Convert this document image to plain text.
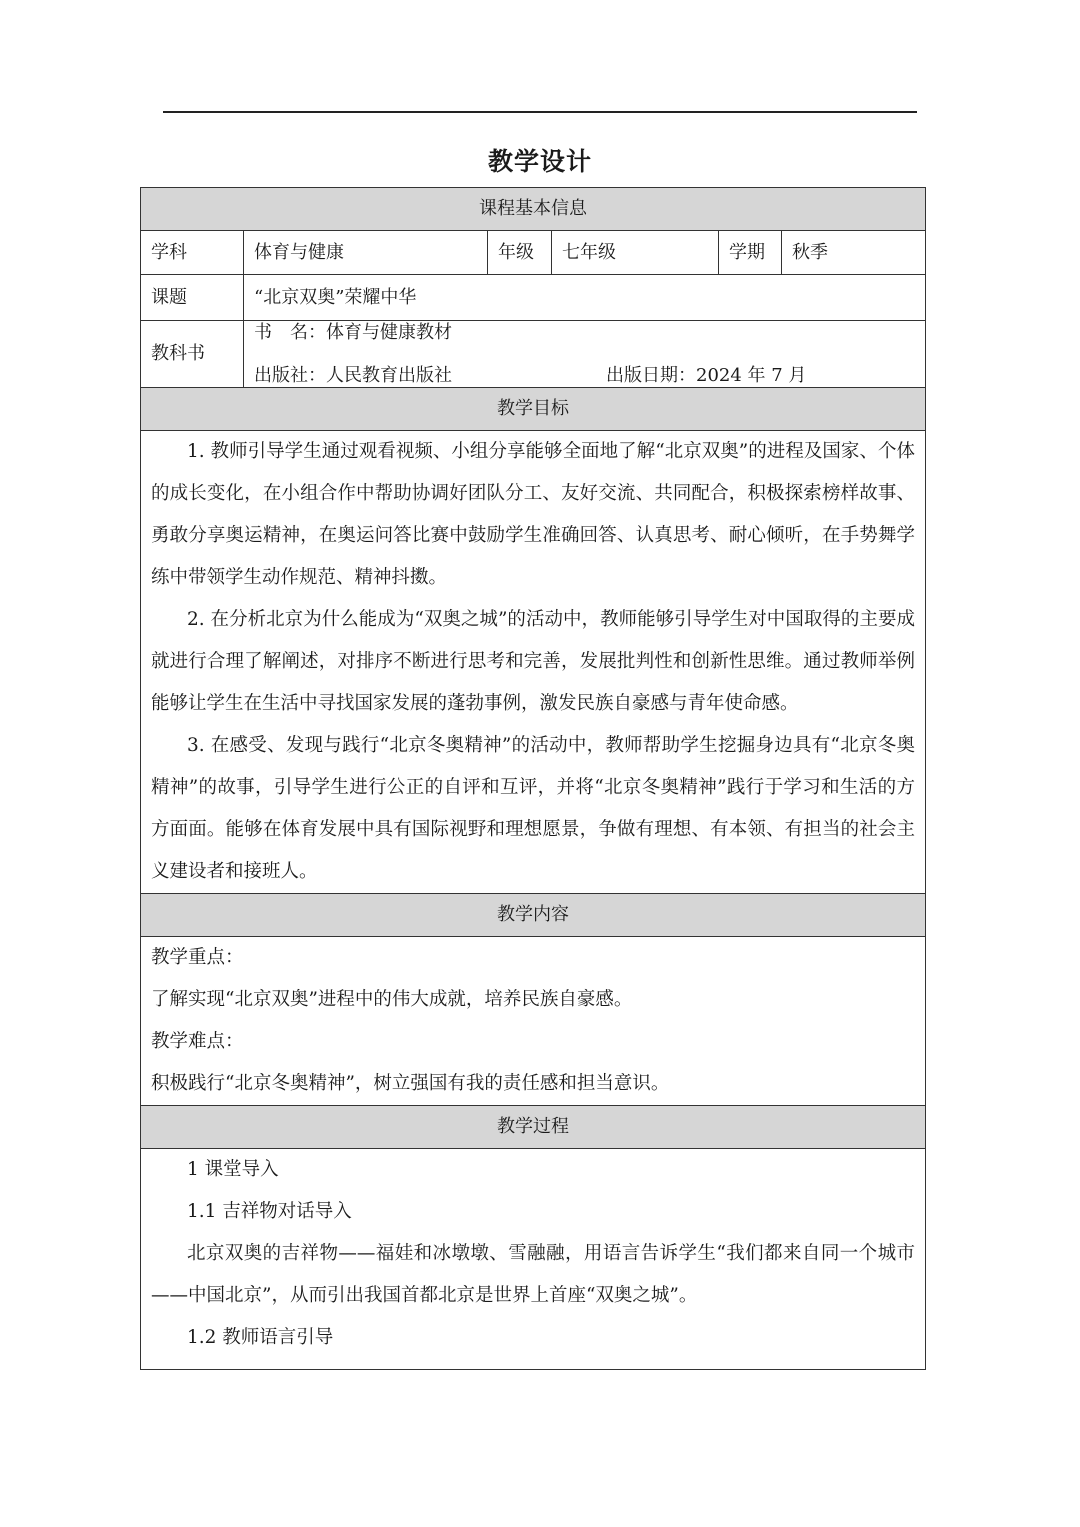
教学设计
课程基本信息					
学科	体育与健康	年级	七年级	学期	秋季
课题	“北京双奥”荣耀中华				
教科书	书　名：体育与健康教材
出版社：人民教育出版社 出版日期：2024 年 7 月				

教学目标					

1. 教师引导学生通过观看视频、小组分享能够全面地了解“北京双奥”的进程及国家、个体的成长变化，在小组合作中帮助协调好团队分工、友好交流、共同配合，积极探索榜样故事、勇敢分享奥运精神，在奥运问答比赛中鼓励学生准确回答、认真思考、耐心倾听，在手势舞学练中带领学生动作规范、精神抖擞。

2. 在分析北京为什么能成为“双奥之城”的活动中，教师能够引导学生对中国取得的主要成就进行合理了解阐述，对排序不断进行思考和完善，发展批判性和创新性思维。通过教师举例能够让学生在生活中寻找国家发展的蓬勃事例，激发民族自豪感与青年使命感。

3. 在感受、发现与践行“北京冬奥精神”的活动中，教师帮助学生挖掘身边具有“北京冬奥精神”的故事，引导学生进行公正的自评和互评，并将“北京冬奥精神”践行于学习和生活的方方面面。能够在体育发展中具有国际视野和理想愿景，争做有理想、有本领、有担当的社会主义建设者和接班人。					

教学内容					

教学重点：

了解实现“北京双奥”进程中的伟大成就，培养民族自豪感。

教学难点：

积极践行“北京冬奥精神”，树立强国有我的责任感和担当意识。					

教学过程					

1 课堂导入

1.1 吉祥物对话导入

北京双奥的吉祥物——福娃和冰墩墩、雪融融，用语言告诉学生“我们都来自同一个城市——中国北京”，从而引出我国首都北京是世界上首座“双奥之城”。

1.2 教师语言引导					
